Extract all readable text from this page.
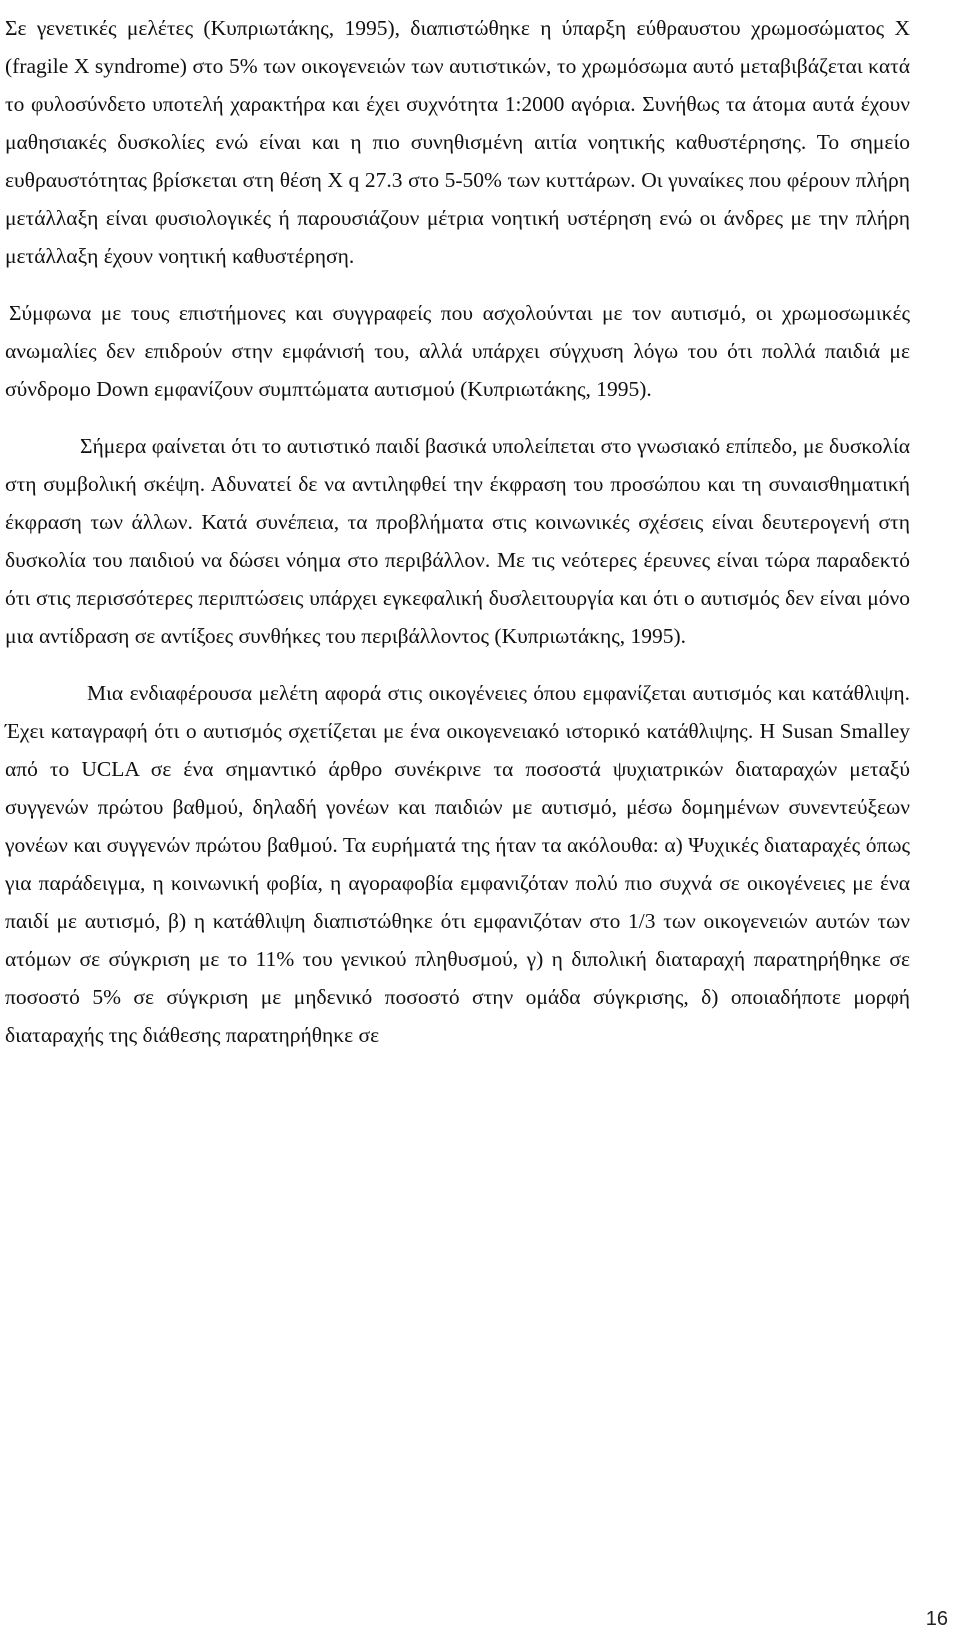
Σε γενετικές μελέτες (Κυπριωτάκης, 1995), διαπιστώθηκε η ύπαρξη εύθραυστου χρωμοσώματος Χ (fragile X syndrome) στο 5% των οικογενειών των αυτιστικών, το χρωμόσωμα αυτό μεταβιβάζεται κατά το φυλοσύνδετο υποτελή χαρακτήρα και έχει συχνότητα 1:2000 αγόρια. Συνήθως τα άτομα αυτά έχουν μαθησιακές δυσκολίες ενώ είναι και η πιο συνηθισμένη αιτία νοητικής καθυστέρησης. Το σημείο ευθραυστότητας βρίσκεται στη θέση X q 27.3 στο 5-50% των κυττάρων. Οι γυναίκες που φέρουν πλήρη μετάλλαξη είναι φυσιολογικές ή παρουσιάζουν μέτρια νοητική υστέρηση ενώ οι άνδρες με την πλήρη μετάλλαξη έχουν νοητική καθυστέρηση.

Σύμφωνα με τους επιστήμονες και συγγραφείς που ασχολούνται με τον αυτισμό, οι χρωμοσωμικές ανωμαλίες δεν επιδρούν στην εμφάνισή του, αλλά υπάρχει σύγχυση λόγω του ότι πολλά παιδιά με σύνδρομο Down εμφανίζουν συμπτώματα αυτισμού (Κυπριωτάκης, 1995).

Σήμερα φαίνεται ότι το αυτιστικό παιδί βασικά υπολείπεται στο γνωσιακό επίπεδο, με δυσκολία στη συμβολική σκέψη. Αδυνατεί δε να αντιληφθεί την έκφραση του προσώπου και τη συναισθηματική έκφραση των άλλων. Κατά συνέπεια, τα προβλήματα στις κοινωνικές σχέσεις είναι δευτερογενή στη δυσκολία του παιδιού να δώσει νόημα στο περιβάλλον. Με τις νεότερες έρευνες είναι τώρα παραδεκτό ότι στις περισσότερες περιπτώσεις υπάρχει εγκεφαλική δυσλειτουργία και ότι ο αυτισμός δεν είναι μόνο μια αντίδραση σε αντίξοες συνθήκες του περιβάλλοντος (Κυπριωτάκης, 1995).

Μια ενδιαφέρουσα μελέτη αφορά στις οικογένειες όπου εμφανίζεται αυτισμός και κατάθλιψη. Έχει καταγραφή ότι ο αυτισμός σχετίζεται με ένα οικογενειακό ιστορικό κατάθλιψης. Η Susan Smalley από το UCLA σε ένα σημαντικό άρθρο συνέκρινε τα ποσοστά ψυχιατρικών διαταραχών μεταξύ συγγενών πρώτου βαθμού, δηλαδή γονέων και παιδιών με αυτισμό, μέσω δομημένων συνεντεύξεων γονέων και συγγενών πρώτου βαθμού. Τα ευρήματά της ήταν τα ακόλουθα: α) Ψυχικές διαταραχές όπως για παράδειγμα, η κοινωνική φοβία, η αγοραφοβία εμφανιζόταν πολύ πιο συχνά σε οικογένειες με ένα παιδί με αυτισμό, β) η κατάθλιψη διαπιστώθηκε ότι εμφανιζόταν στο 1/3 των οικογενειών αυτών των ατόμων σε σύγκριση με το 11% του γενικού πληθυσμού, γ) η διπολική διαταραχή παρατηρήθηκε σε ποσοστό 5% σε σύγκριση με μηδενικό ποσοστό στην ομάδα σύγκρισης, δ) οποιαδήποτε μορφή διαταραχής της διάθεσης παρατηρήθηκε σε

16
